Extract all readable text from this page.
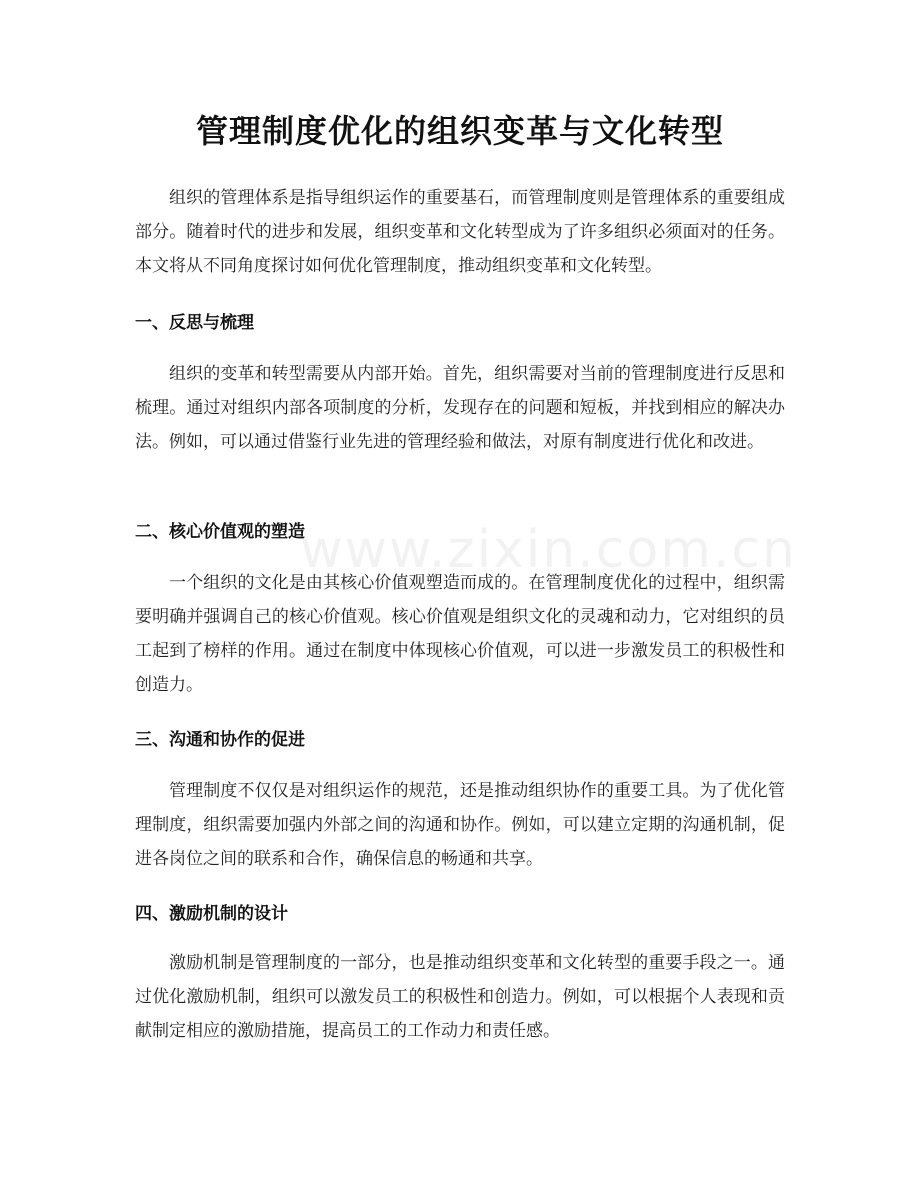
管理制度优化的组织变革与文化转型

组织的管理体系是指导组织运作的重要基石，而管理制度则是管理体系的重要组成部分。随着时代的进步和发展，组织变革和文化转型成为了许多组织必须面对的任务。本文将从不同角度探讨如何优化管理制度，推动组织变革和文化转型。

一、反思与梳理

组织的变革和转型需要从内部开始。首先，组织需要对当前的管理制度进行反思和梳理。通过对组织内部各项制度的分析，发现存在的问题和短板，并找到相应的解决办法。例如，可以通过借鉴行业先进的管理经验和做法，对原有制度进行优化和改进。

二、核心价值观的塑造

一个组织的文化是由其核心价值观塑造而成的。在管理制度优化的过程中，组织需要明确并强调自己的核心价值观。核心价值观是组织文化的灵魂和动力，它对组织的员工起到了榜样的作用。通过在制度中体现核心价值观，可以进一步激发员工的积极性和创造力。

三、沟通和协作的促进

管理制度不仅仅是对组织运作的规范，还是推动组织协作的重要工具。为了优化管理制度，组织需要加强内外部之间的沟通和协作。例如，可以建立定期的沟通机制，促进各岗位之间的联系和合作，确保信息的畅通和共享。

四、激励机制的设计

激励机制是管理制度的一部分，也是推动组织变革和文化转型的重要手段之一。通过优化激励机制，组织可以激发员工的积极性和创造力。例如，可以根据个人表现和贡献制定相应的激励措施，提高员工的工作动力和责任感。

www.zixin.com.cn
